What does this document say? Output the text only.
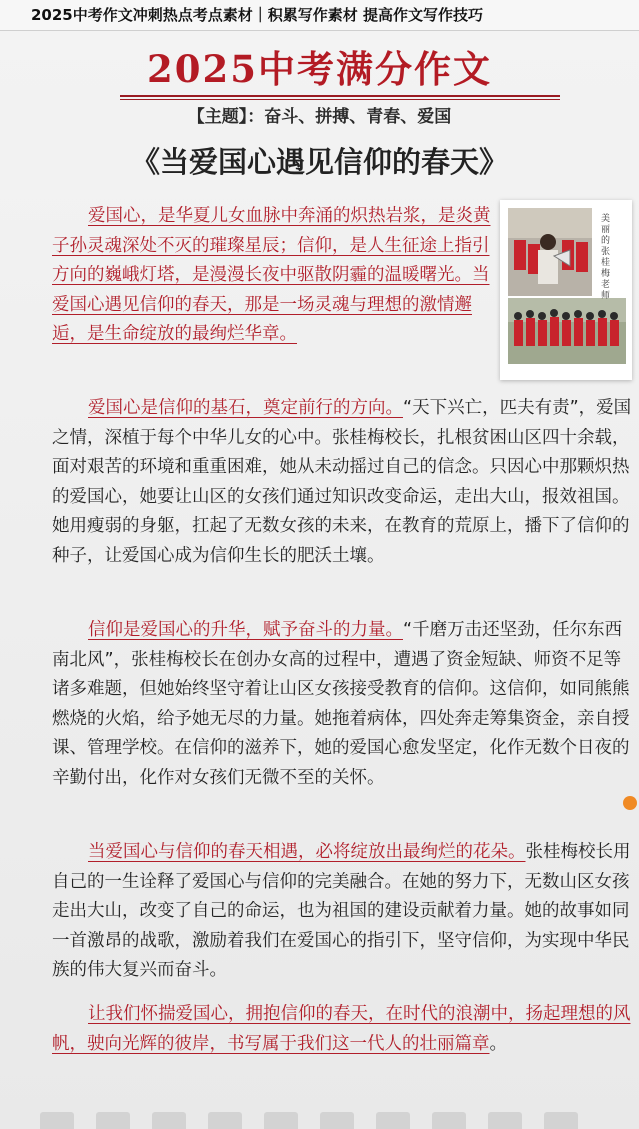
2025中考作文冲刺热点考点素材｜积累写作素材 提高作文写作技巧
2025中考满分作文
【主题】：奋斗、拼搏、青春、爱国
《当爱国心遇见信仰的春天》
美丽的张桂梅老师
爱国心，是华夏儿女血脉中奔涌的炽热岩浆，是炎黄子孙灵魂深处不灭的璀璨星辰；信仰，是人生征途上指引方向的巍峨灯塔，是漫漫长夜中驱散阴霾的温暖曙光。当爱国心遇见信仰的春天，那是一场灵魂与理想的激情邂逅，是生命绽放的最绚烂华章。
爱国心是信仰的基石，奠定前行的方向。“天下兴亡，匹夫有责”，爱国之情，深植于每个中华儿女的心中。张桂梅校长，扎根贫困山区四十余载，面对艰苦的环境和重重困难，她从未动摇过自己的信念。只因心中那颗炽热的爱国心，她要让山区的女孩们通过知识改变命运，走出大山，报效祖国。她用瘦弱的身躯，扛起了无数女孩的未来，在教育的荒原上，播下了信仰的种子，让爱国心成为信仰生长的肥沃土壤。
信仰是爱国心的升华，赋予奋斗的力量。“千磨万击还坚劲，任尔东西南北风”，张桂梅校长在创办女高的过程中，遭遇了资金短缺、师资不足等诸多难题，但她始终坚守着让山区女孩接受教育的信仰。这信仰，如同熊熊燃烧的火焰，给予她无尽的力量。她拖着病体，四处奔走筹集资金，亲自授课、管理学校。在信仰的滋养下，她的爱国心愈发坚定，化作无数个日夜的辛勤付出，化作对女孩们无微不至的关怀。
当爱国心与信仰的春天相遇，必将绽放出最绚烂的花朵。张桂梅校长用自己的一生诠释了爱国心与信仰的完美融合。在她的努力下，无数山区女孩走出大山，改变了自己的命运，也为祖国的建设贡献着力量。她的故事如同一首激昂的战歌，激励着我们在爱国心的指引下，坚守信仰，为实现中华民族的伟大复兴而奋斗。
让我们怀揣爱国心，拥抱信仰的春天，在时代的浪潮中，扬起理想的风帆，驶向光辉的彼岸，书写属于我们这一代人的壮丽篇章。
